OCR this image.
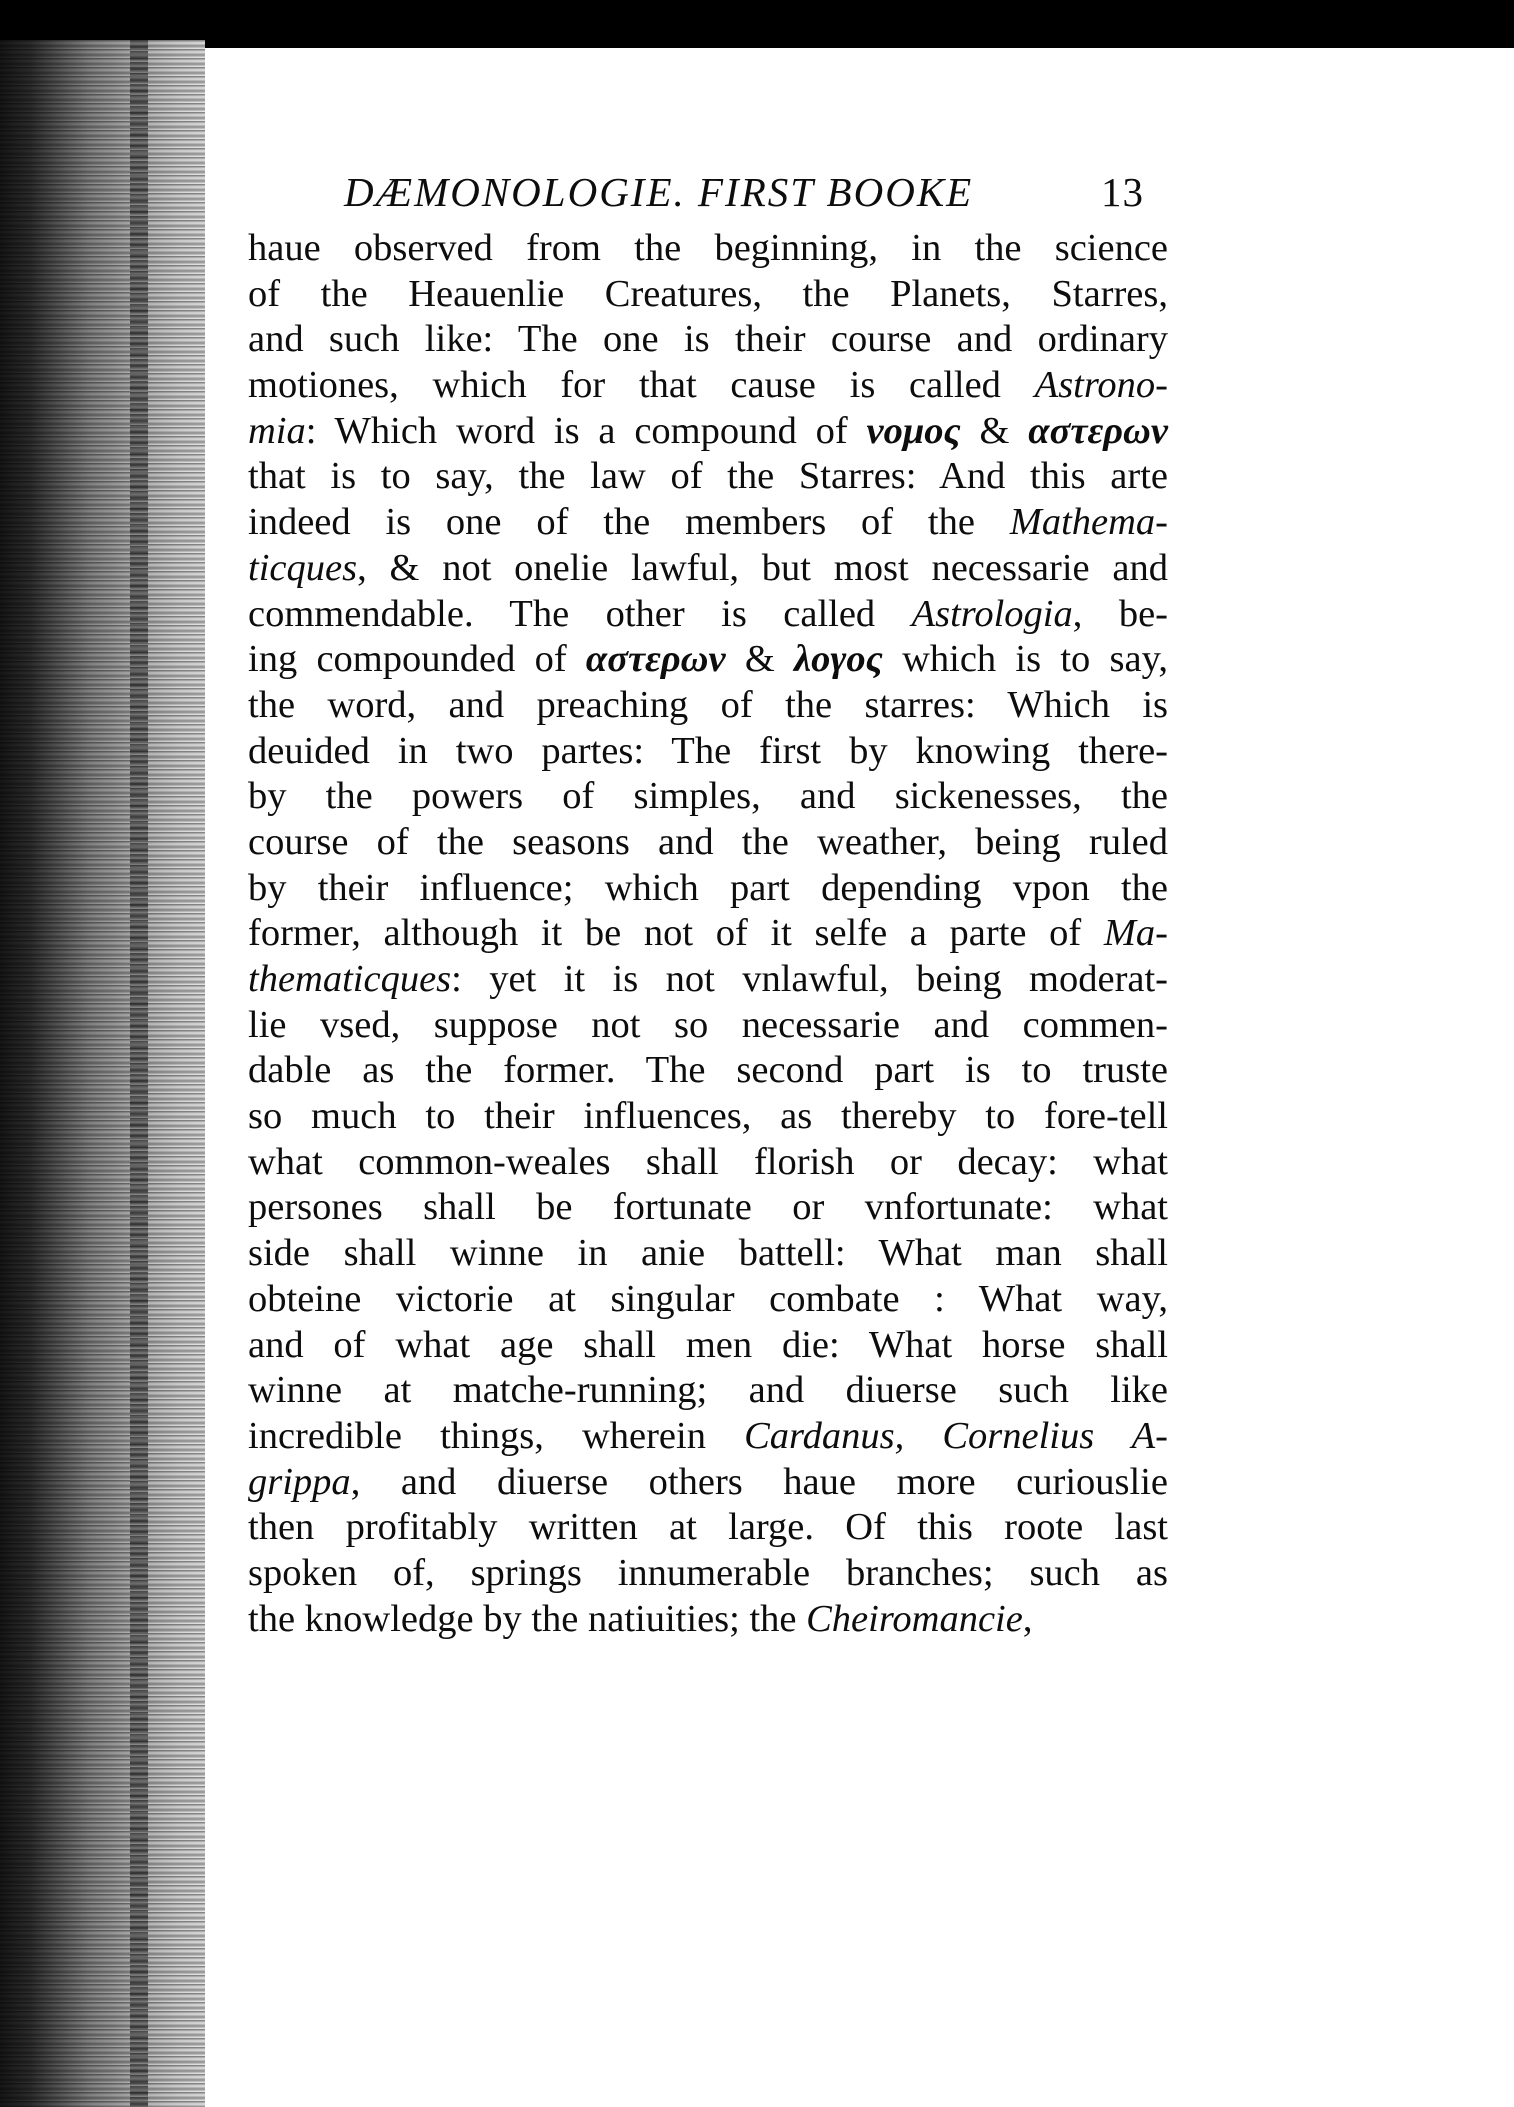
DÆMONOLOGIE. FIRST BOOKE	13
haue observed from the beginning, in the science
of the Heauenlie Creatures, the Planets, Starres,
and such like: The one is their course and ordinary
motiones, which for that cause is called Astrono-
mia: Which word is a compound of νομος & αστερων
that is to say, the law of the Starres: And this arte
indeed is one of the members of the Mathema-
ticques, & not onelie lawful, but most necessarie and
commendable. The other is called Astrologia, be-
ing compounded of αστερων & λογος which is to say,
the word, and preaching of the starres: Which is
deuided in two partes: The first by knowing there-
by the powers of simples, and sickenesses, the
course of the seasons and the weather, being ruled
by their influence; which part depending vpon the
former, although it be not of it selfe a parte of Ma-
thematicques: yet it is not vnlawful, being moderat-
lie vsed, suppose not so necessarie and commen-
dable as the former. The second part is to truste
so much to their influences, as thereby to fore-tell
what common-weales shall florish or decay: what
persones shall be fortunate or vnfortunate: what
side shall winne in anie battell: What man shall
obteine victorie at singular combate : What way,
and of what age shall men die: What horse shall
winne at matche-running; and diuerse such like
incredible things, wherein Cardanus, Cornelius A-
grippa, and diuerse others haue more curiouslie
then profitably written at large. Of this roote last
spoken of, springs innumerable branches; such as
the knowledge by the natiuities; the Cheiromancie,
